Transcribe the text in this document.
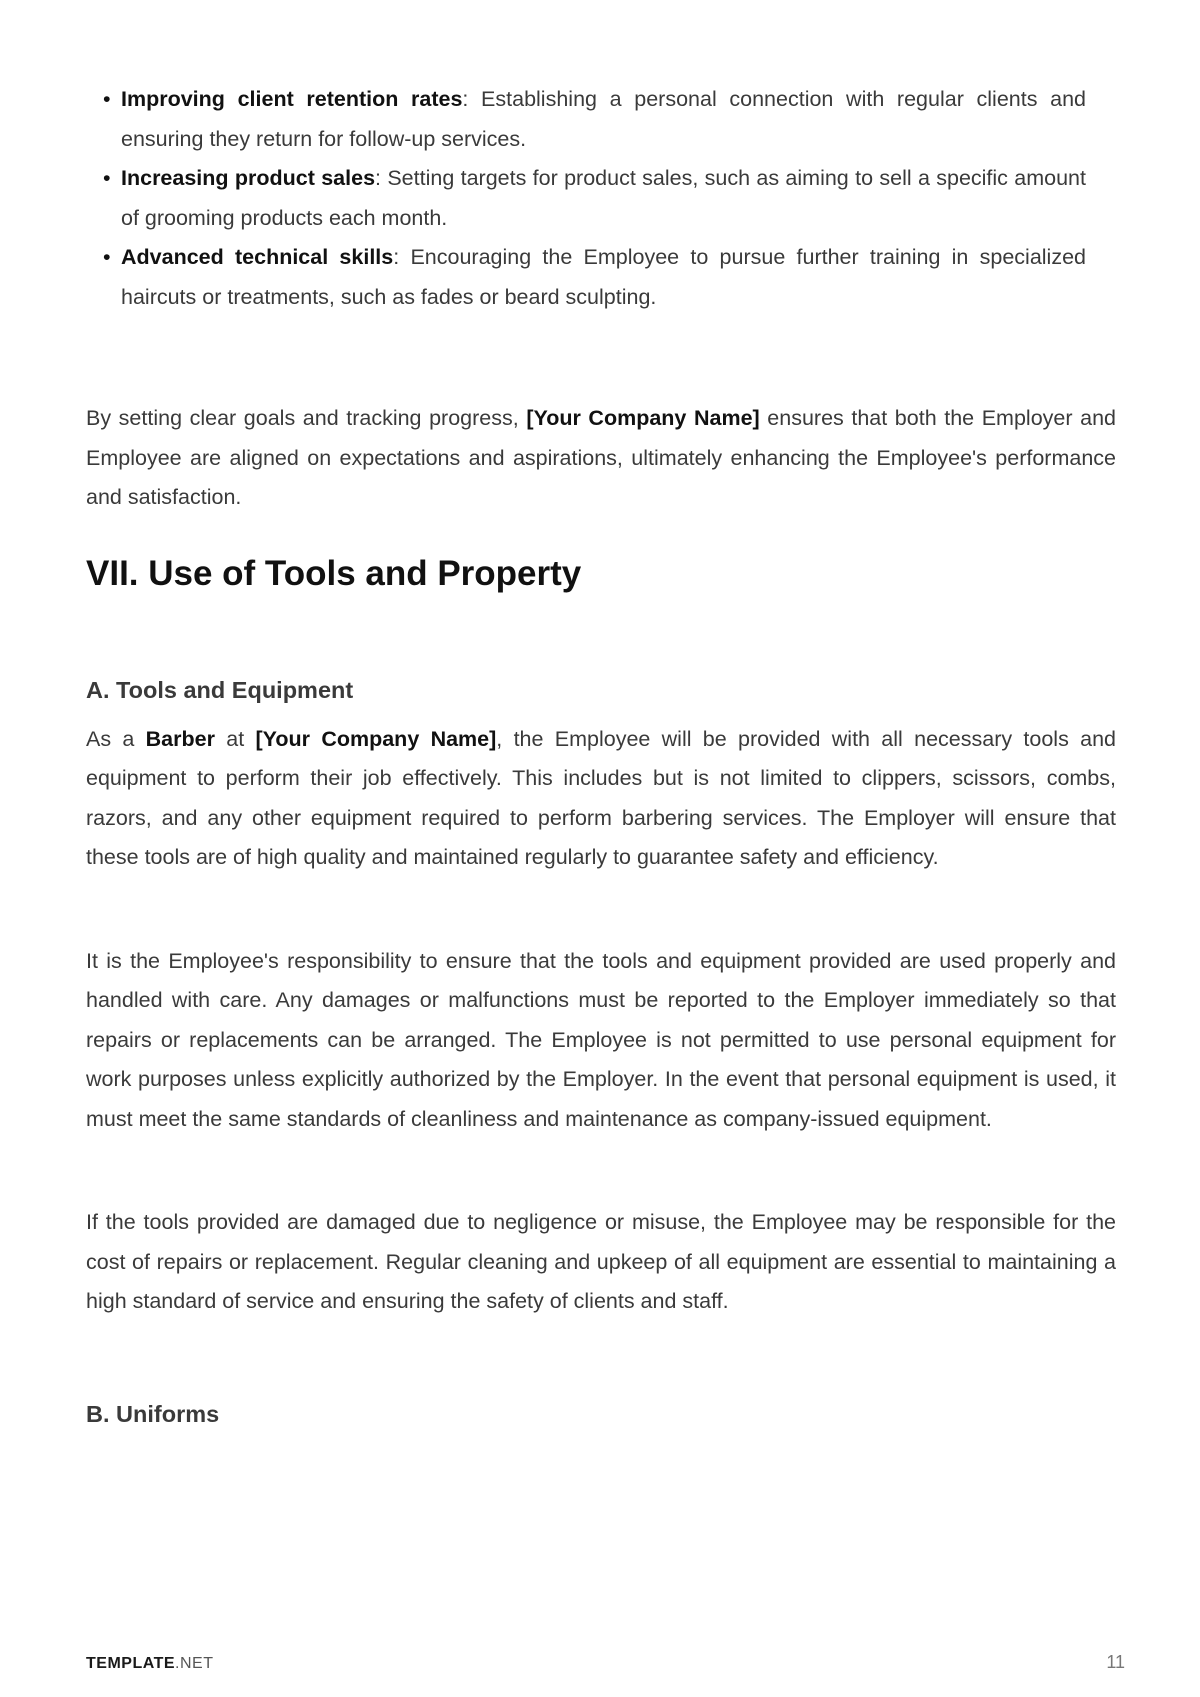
• Improving client retention rates: Establishing a personal connection with regular clients and ensuring they return for follow-up services.
• Increasing product sales: Setting targets for product sales, such as aiming to sell a specific amount of grooming products each month.
• Advanced technical skills: Encouraging the Employee to pursue further training in specialized haircuts or treatments, such as fades or beard sculpting.

By setting clear goals and tracking progress, [Your Company Name] ensures that both the Employer and Employee are aligned on expectations and aspirations, ultimately enhancing the Employee's performance and satisfaction.

VII. Use of Tools and Property
A. Tools and Equipment

As a Barber at [Your Company Name], the Employee will be provided with all necessary tools and equipment to perform their job effectively. This includes but is not limited to clippers, scissors, combs, razors, and any other equipment required to perform barbering services. The Employer will ensure that these tools are of high quality and maintained regularly to guarantee safety and efficiency.

It is the Employee's responsibility to ensure that the tools and equipment provided are used properly and handled with care. Any damages or malfunctions must be reported to the Employer immediately so that repairs or replacements can be arranged. The Employee is not permitted to use personal equipment for work purposes unless explicitly authorized by the Employer. In the event that personal equipment is used, it must meet the same standards of cleanliness and maintenance as company-issued equipment.

If the tools provided are damaged due to negligence or misuse, the Employee may be responsible for the cost of repairs or replacement. Regular cleaning and upkeep of all equipment are essential to maintaining a high standard of service and ensuring the safety of clients and staff.

B. Uniforms
TEMPLATE.NET	11
